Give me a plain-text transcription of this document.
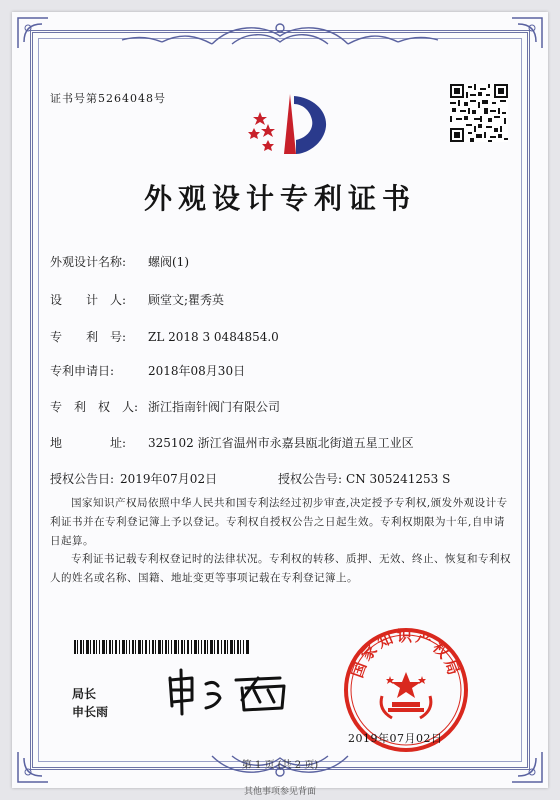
证书号第5264048号
外观设计专利证书
外观设计名称: 螺阀(1)
设　　计　人: 顾堂文;瞿秀英
专　　利　号: ZL 2018 3 0484854.0
专利申请日:	2018年08月30日
专　利　权　人: 浙江指南针阀门有限公司
地　　　　址: 325102 浙江省温州市永嘉县瓯北街道五星工业区
授权公告日: 2019年07月02日	授权公告号: CN 305241253 S
国家知识产权局依照中华人民共和国专利法经过初步审查,决定授予专利权,颁发外观设计专利证书并在专利登记簿上予以登记。专利权自授权公告之日起生效。专利权期限为十年,自申请日起算。
专利证书记载专利权登记时的法律状况。专利权的转移、质押、无效、终止、恢复和专利权人的姓名或名称、国籍、地址变更等事项记载在专利登记簿上。
局长
申长雨
国家知识产权局
2019年07月02日
第 1 页 (共 2 页)
其他事项参见背面
